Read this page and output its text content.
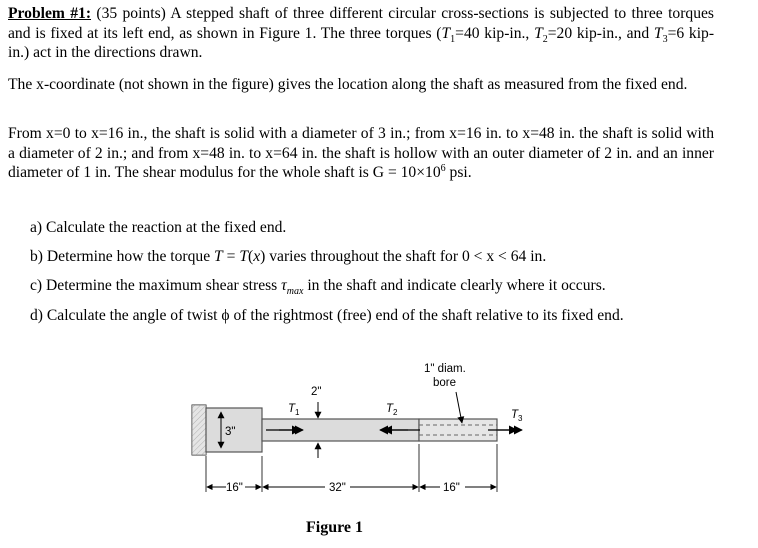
Problem #1: (35 points) A stepped shaft of three different circular cross-sections is subjected to three torques and is fixed at its left end, as shown in Figure 1. The three torques ($T_1=40$ kip-in., $T_2=20$ kip-in., and $T_3=6$ kip-in.) act in the directions drawn.

The x-coordinate (not shown in the figure) gives the location along the shaft as measured from the fixed end.

From x=0 to x=16 in., the shaft is solid with a diameter of 3 in.; from x=16 in. to x=48 in. the shaft is solid with a diameter of 2 in.; and from x=48 in. to x=64 in. the shaft is hollow with an outer diameter of 2 in. and an inner diameter of 1 in. The shear modulus for the whole shaft is $G = 10\times 10^6$ psi.

a) Calculate the reaction at the fixed end.

b) Determine how the torque T = T(x) varies throughout the shaft for 0 < x < 64 in.

c) Determine the maximum shear stress $\tau_{max}$ in the shaft and indicate clearly where it occurs.

d) Calculate the angle of twist ϕ of the rightmost (free) end of the shaft relative to its fixed end.

3"
$T_1$
2"
$T_2$
1" diam.
bore
$T_3$
16"	32"	16"
Figure 1
